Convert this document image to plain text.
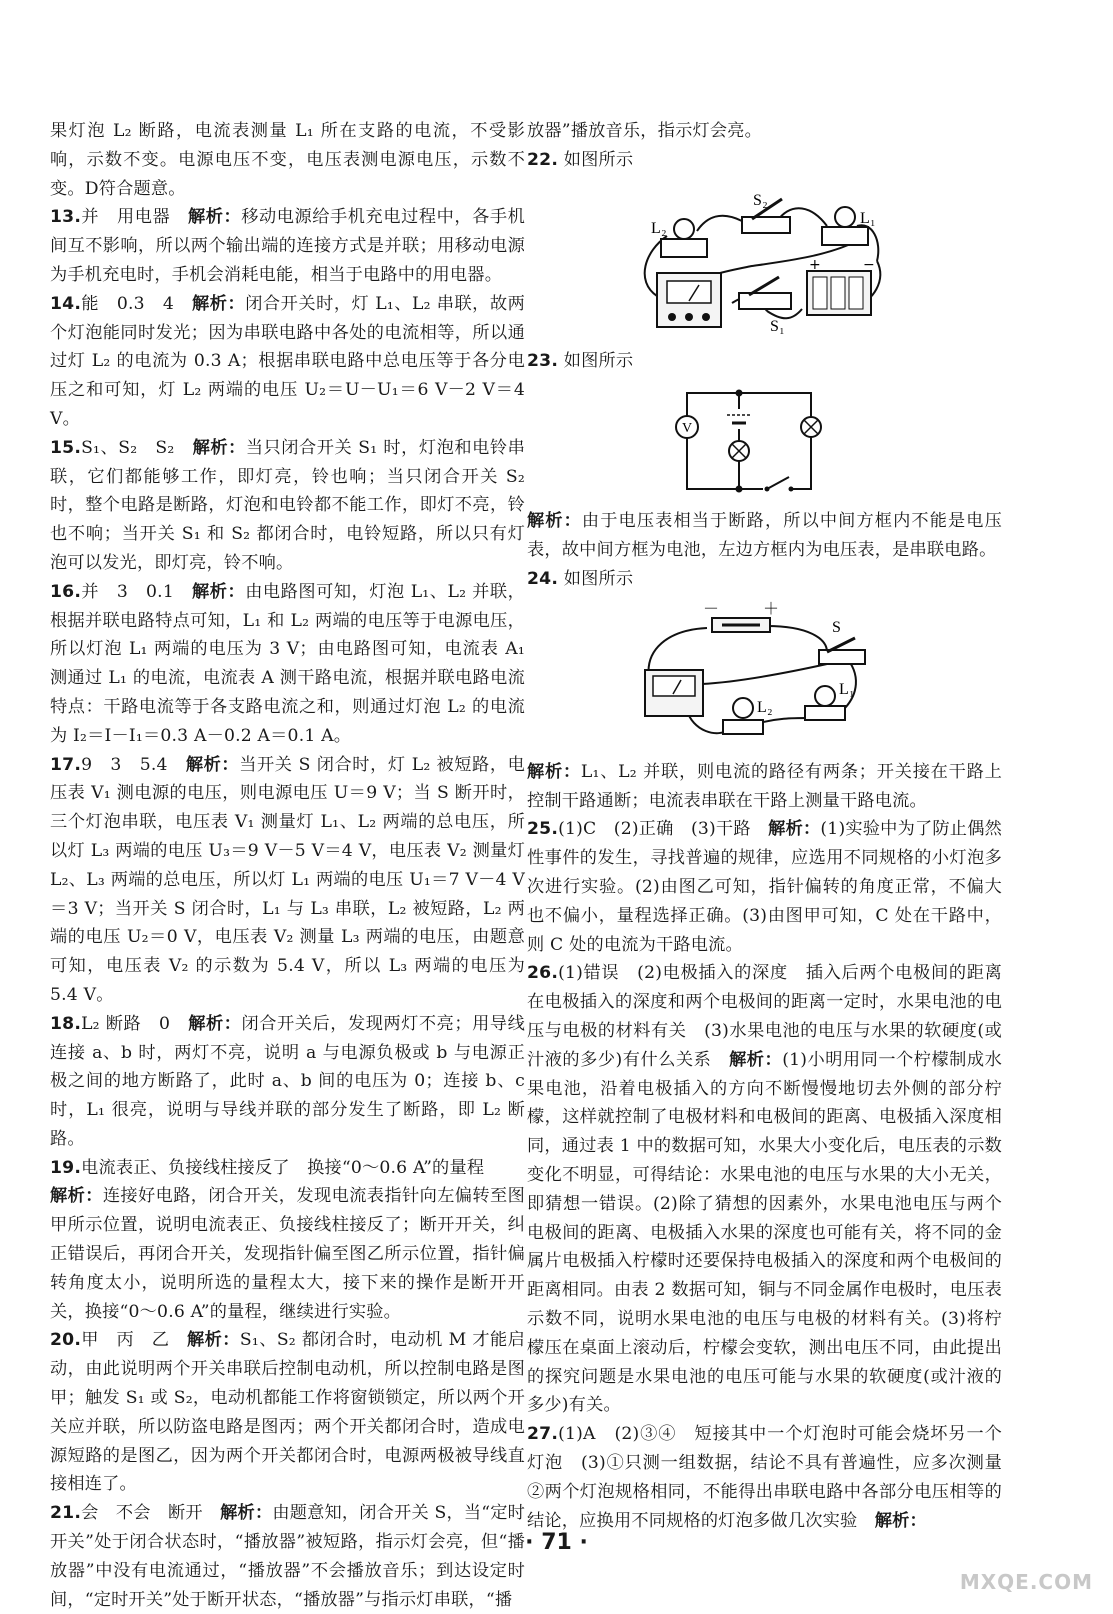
果灯泡 L₂ 断路，电流表测量 L₁ 所在支路的电流，不受影响，示数不变。电源电压不变，电压表测电源电压，示数不变。D符合题意。

13.并　用电器　 解析：移动电源给手机充电过程中，各手机间互不影响，所以两个输出端的连接方式是并联；用移动电源为手机充电时，手机会消耗电能，相当于电路中的用电器。

14.能　0.3　4　 解析：闭合开关时，灯 L₁、L₂ 串联，故两个灯泡能同时发光；因为串联电路中各处的电流相等，所以通过灯 L₂ 的电流为 0.3 A；根据串联电路中总电压等于各分电压之和可知，灯 L₂ 两端的电压 U₂＝U－U₁＝6 V－2 V＝4 V。

15.S₁、S₂　S₂　 解析：当只闭合开关 S₁ 时，灯泡和电铃串联，它们都能够工作，即灯亮，铃也响；当只闭合开关 S₂ 时，整个电路是断路，灯泡和电铃都不能工作，即灯不亮，铃也不响；当开关 S₁ 和 S₂ 都闭合时，电铃短路，所以只有灯泡可以发光，即灯亮，铃不响。

16.并　3　0.1　 解析：由电路图可知，灯泡 L₁、L₂ 并联，根据并联电路特点可知，L₁ 和 L₂ 两端的电压等于电源电压，所以灯泡 L₁ 两端的电压为 3 V；由电路图可知，电流表 A₁ 测通过 L₁ 的电流，电流表 A 测干路电流，根据并联电路电流特点：干路电流等于各支路电流之和，则通过灯泡 L₂ 的电流为 I₂＝I－I₁＝0.3 A－0.2 A＝0.1 A。

17.9　3　5.4　 解析：当开关 S 闭合时，灯 L₂ 被短路，电压表 V₁ 测电源的电压，则电源电压 U＝9 V；当 S 断开时，三个灯泡串联，电压表 V₁ 测量灯 L₁、L₂ 两端的总电压，所以灯 L₃ 两端的电压 U₃＝9 V－5 V＝4 V，电压表 V₂ 测量灯 L₂、L₃ 两端的总电压，所以灯 L₁ 两端的电压 U₁＝7 V－4 V＝3 V；当开关 S 闭合时，L₁ 与 L₃ 串联，L₂ 被短路，L₂ 两端的电压 U₂＝0 V，电压表 V₂ 测量 L₃ 两端的电压，由题意可知，电压表 V₂ 的示数为 5.4 V，所以 L₃ 两端的电压为 5.4 V。

18.L₂ 断路　0　 解析：闭合开关后，发现两灯不亮；用导线连接 a、b 时，两灯不亮，说明 a 与电源负极或 b 与电源正极之间的地方断路了，此时 a、b 间的电压为 0；连接 b、c 时，L₁ 很亮，说明与导线并联的部分发生了断路，即 L₂ 断路。

19.电流表正、负接线柱接反了　换接“0～0.6 A”的量程
解析：连接好电路，闭合开关，发现电流表指针向左偏转至图甲所示位置，说明电流表正、负接线柱接反了；断开开关，纠正错误后，再闭合开关，发现指针偏至图乙所示位置，指针偏转角度太小，说明所选的量程太大，接下来的操作是断开开关，换接“0～0.6 A”的量程，继续进行实验。

20.甲　丙　乙　 解析：S₁、S₂ 都闭合时，电动机 M 才能启动，由此说明两个开关串联后控制电动机，所以控制电路是图甲；触发 S₁ 或 S₂，电动机都能工作将窗锁锁定，所以两个开关应并联，所以防盗电路是图丙；两个开关都闭合时，造成电源短路的是图乙，因为两个开关都闭合时，电源两极被导线直接相连了。

21.会　不会　断开　 解析：由题意知，闭合开关 S，当“定时开关”处于闭合状态时，“播放器”被短路，指示灯会亮，但“播放器”中没有电流通过，“播放器”不会播放音乐；到达设定时间，“定时开关”处于断开状态，“播放器”与指示灯串联，“播

放器”播放音乐，指示灯会亮。

22. 如图所示

+	−
S₂
L₂
L₁
S₁

23. 如图所示

V

解析：由于电压表相当于断路，所以中间方框内不能是电压表，故中间方框为电池，左边方框内为电压表，是串联电路。

24. 如图所示

－	＋
S
L₁
L₂

解析：L₁、L₂ 并联，则电流的路径有两条；开关接在干路上控制干路通断；电流表串联在干路上测量干路电流。

25.(1)C　(2)正确　(3)干路　 解析：(1)实验中为了防止偶然性事件的发生，寻找普遍的规律，应选用不同规格的小灯泡多次进行实验。(2)由图乙可知，指针偏转的角度正常，不偏大也不偏小，量程选择正确。(3)由图甲可知，C 处在干路中，则 C 处的电流为干路电流。

26.(1)错误　(2)电极插入的深度　插入后两个电极间的距离　在电极插入的深度和两个电极间的距离一定时，水果电池的电压与电极的材料有关　(3)水果电池的电压与水果的软硬度(或汁液的多少)有什么关系　 解析：(1)小明用同一个柠檬制成水果电池，沿着电极插入的方向不断慢慢地切去外侧的部分柠檬，这样就控制了电极材料和电极间的距离、电极插入深度相同，通过表 1 中的数据可知，水果大小变化后，电压表的示数变化不明显，可得结论：水果电池的电压与水果的大小无关，即猜想一错误。(2)除了猜想的因素外，水果电池电压与两个电极间的距离、电极插入水果的深度也可能有关，将不同的金属片电极插入柠檬时还要保持电极插入的深度和两个电极间的距离相同。由表 2 数据可知，铜与不同金属作电极时，电压表示数不同，说明水果电池的电压与电极的材料有关。(3)将柠檬压在桌面上滚动后，柠檬会变软，测出电压不同，由此提出的探究问题是水果电池的电压可能与水果的软硬度(或汁液的多少)有关。

27.(1)A　(2)③④　短接其中一个灯泡时可能会烧坏另一个灯泡　(3)①只测一组数据，结论不具有普遍性，应多次测量　②两个灯泡规格相同，不能得出串联电路中各部分电压相等的结论，应换用不同规格的灯泡多做几次实验　 解析：

· 71 ·
MXQE.COM
